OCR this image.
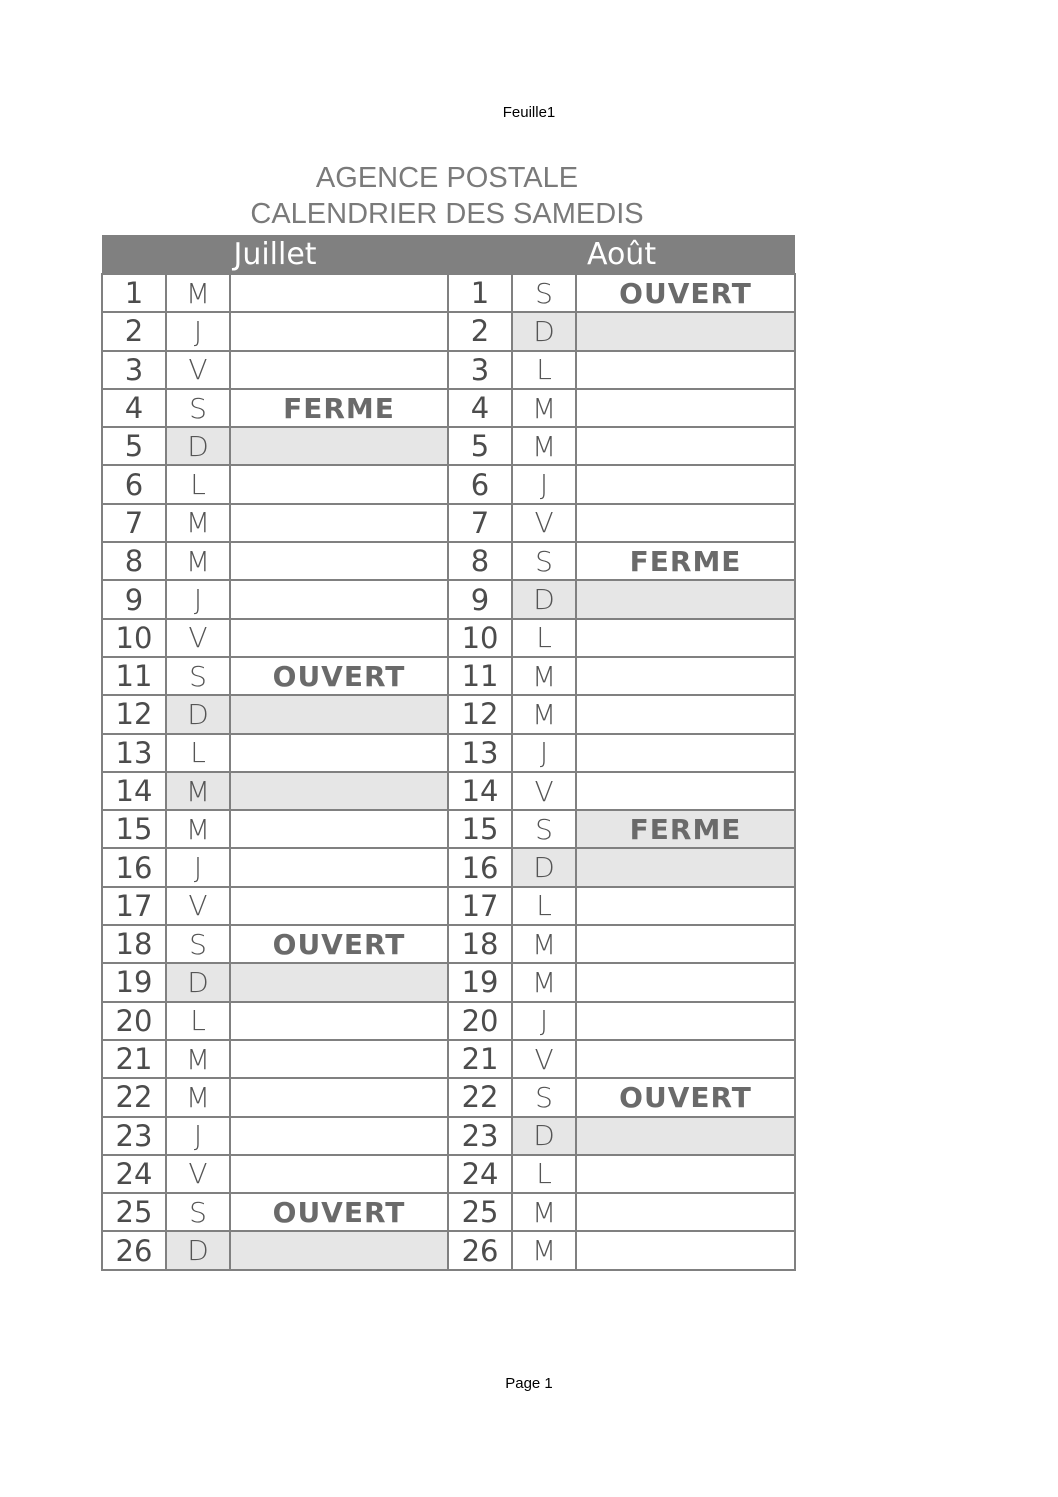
Feuille1
AGENCE POSTALE
CALENDRIER DES SAMEDIS
Juillet			Août		
1	M		1	S	OUVERT
2	J		2	D	
3	V		3	L	
4	S	FERME	4	M	
5	D		5	M	
6	L		6	J	
7	M		7	V	
8	M		8	S	FERME
9	J		9	D	
10	V		10	L	
11	S	OUVERT	11	M	
12	D		12	M	
13	L		13	J	
14	M		14	V	
15	M		15	S	FERME
16	J		16	D	
17	V		17	L	
18	S	OUVERT	18	M	
19	D		19	M	
20	L		20	J	
21	M		21	V	
22	M		22	S	OUVERT
23	J		23	D	
24	V		24	L	
25	S	OUVERT	25	M	
26	D		26	M	
Page 1
